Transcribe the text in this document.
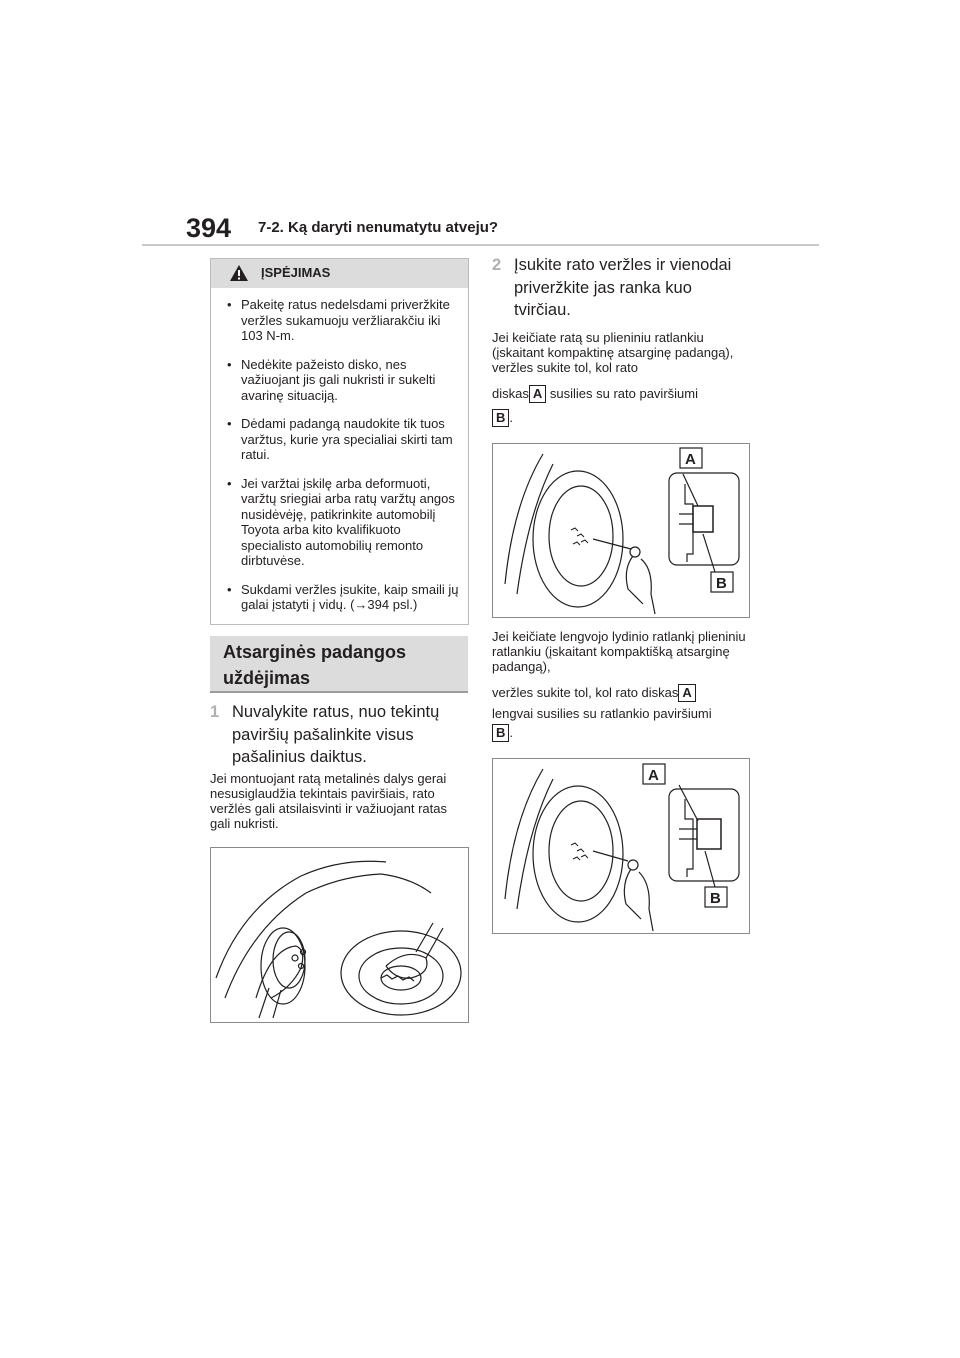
394 7-2. Ką daryti nenumatytu atveju?
ĮSPĖJIMAS
• Pakeitę ratus nedelsdami priveržkite veržles sukamuoju veržliarakčiu iki 103 N-m.
• Nedėkite pažeisto disko, nes važiuojant jis gali nukristi ir sukelti avarinę situaciją.
• Dėdami padangą naudokite tik tuos varžtus, kurie yra specialiai skirti tam ratui.
• Jei varžtai įskilę arba deformuoti, varžtų sriegiai arba ratų varžtų angos nusidėvėję, patikrinkite automobilį Toyota arba kito kvalifikuoto specialisto automobilių remonto dirbtuvėse.
• Sukdami veržles įsukite, kaip smaili jų galai įstatyti į vidų. (→394 psl.)
Atsarginės padangos uždėjimas
1 Nuvalykite ratus, nuo tekintų paviršių pašalinkite visus pašalinius daiktus.
Jei montuojant ratą metalinės dalys gerai nesusiglaudžia tekintais paviršiais, rato veržlės gali atsilaisvinti ir važiuojant ratas gali nukristi.
2 Įsukite rato veržles ir vienodai priveržkite jas ranka kuo tvirčiau.
Jei keičiate ratą su plieniniu ratlankiu (įskaitant kompaktinę atsarginę padangą), veržles sukite tol, kol rato
diskas A susilies su rato paviršiumi
B .
A
B
Jei keičiate lengvojo lydinio ratlankį plieniniu ratlankiu (įskaitant kompaktišką atsarginę padangą),
veržles sukite tol, kol rato diskas A
lengvai susilies su ratlankio paviršiumi
B .
A
B
